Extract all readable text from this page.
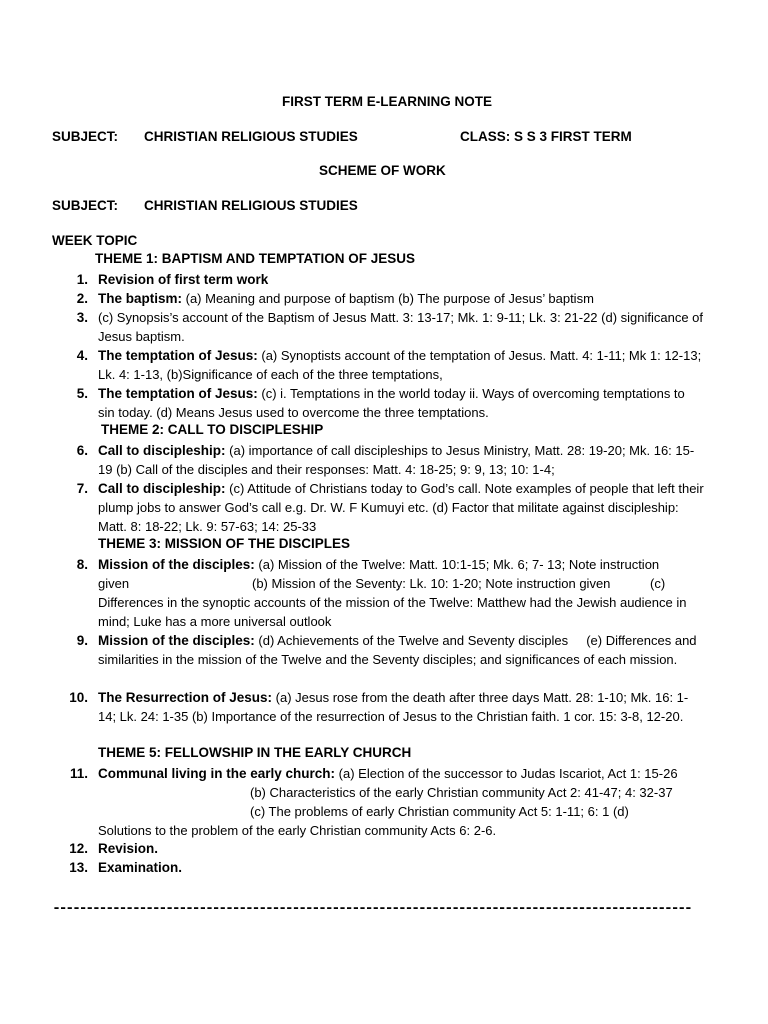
FIRST TERM E-LEARNING NOTE
SUBJECT: CHRISTIAN RELIGIOUS STUDIES	CLASS: S S 3 FIRST TERM
SCHEME OF WORK
SUBJECT: CHRISTIAN RELIGIOUS STUDIES
WEEK TOPIC
THEME 1: BAPTISM AND TEMPTATION OF JESUS
1. Revision of first term work
2. The baptism: (a) Meaning and purpose of baptism (b) The purpose of Jesus’ baptism
3. (c) Synopsis’s account of the Baptism of Jesus Matt. 3: 13-17; Mk. 1: 9-11; Lk. 3: 21-22 (d) significance of Jesus baptism.
4. The temptation of Jesus: (a) Synoptists account of the temptation of Jesus. Matt. 4: 1-11; Mk 1: 12-13; Lk. 4: 1-13, (b)Significance of each of the three temptations,
5. The temptation of Jesus: (c) i. Temptations in the world today ii. Ways of overcoming temptations to sin today. (d) Means Jesus used to overcome the three temptations.
THEME 2: CALL TO DISCIPLESHIP
6. Call to discipleship: (a) importance of call discipleships to Jesus Ministry, Matt. 28: 19-20; Mk. 16: 15-19 (b) Call of the disciples and their responses: Matt. 4: 18-25; 9: 9, 13; 10: 1-4;
7. Call to discipleship: (c) Attitude of Christians today to God’s call. Note examples of people that left their plump jobs to answer God’s call e.g. Dr. W. F Kumuyi etc. (d) Factor that militate against discipleship: Matt. 8: 18-22; Lk. 9: 57-63; 14: 25-33
THEME 3: MISSION OF THE DISCIPLES
8. Mission of the disciples: (a) Mission of the Twelve: Matt. 10:1-15; Mk. 6; 7- 13; Note instruction
given	(b) Mission of the Seventy: Lk. 10: 1-20; Note instruction given	(c)
Differences in the synoptic accounts of the mission of the Twelve: Matthew had the Jewish audience in mind; Luke has a more universal outlook
9. Mission of the disciples: (d) Achievements of the Twelve and Seventy disciples (e) Differences and similarities in the mission of the Twelve and the Seventy disciples; and significances of each mission.
10. The Resurrection of Jesus: (a) Jesus rose from the death after three days Matt. 28: 1-10; Mk. 16: 1-14; Lk. 24: 1-35 (b) Importance of the resurrection of Jesus to the Christian faith. 1 cor. 15: 3-8, 12-20.
THEME 5: FELLOWSHIP IN THE EARLY CHURCH
11. Communal living in the early church: (a) Election of the successor to Judas Iscariot, Act 1: 15-26
(b) Characteristics of the early Christian community Act 2: 41-47; 4: 32-37
(c) The problems of early Christian community Act 5: 1-11; 6: 1 (d)
Solutions to the problem of the early Christian community Acts 6: 2-6.
12. Revision.
13. Examination.
------------------------------------------------------------------------------------------------
